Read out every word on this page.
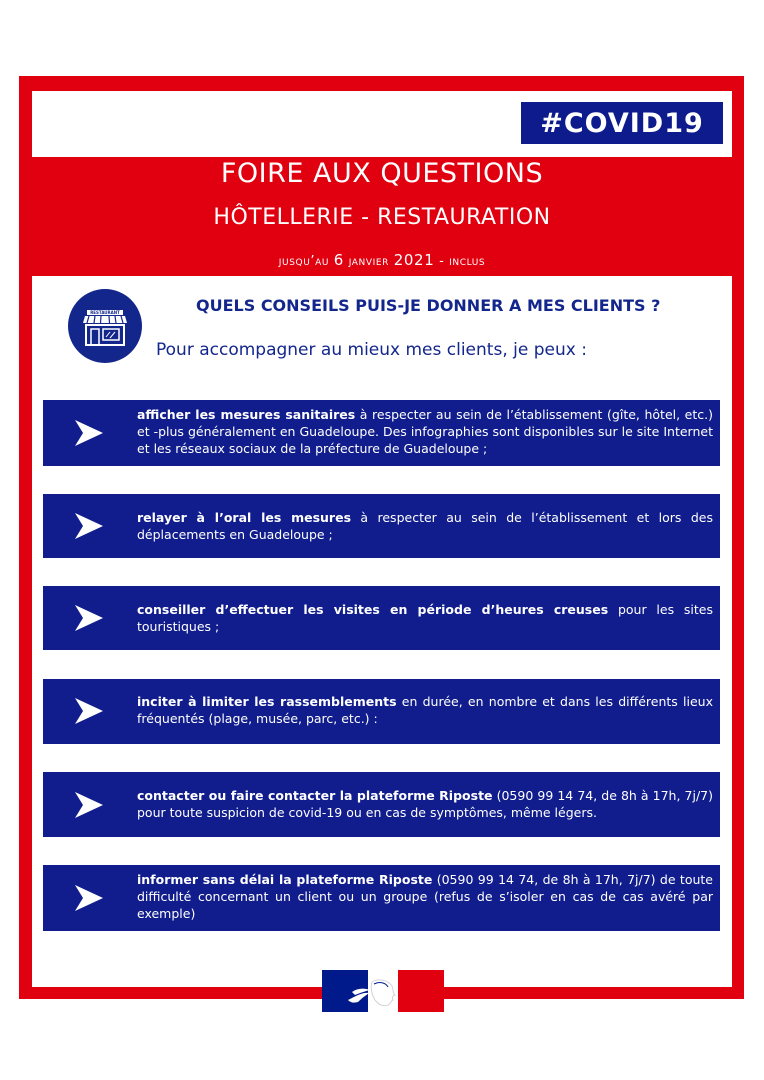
#COVID19
FOIRE AUX QUESTIONS
HÔTELLERIE - RESTAURATION
jusqu’au 6 janvier 2021 - inclus
RESTAURANT	QUELS CONSEILS PUIS-JE DONNER A MES CLIENTS ?
Pour accompagner au mieux mes clients, je peux :
afficher les mesures sanitaires à respecter au sein de l’établissement (gîte, hôtel, etc.) et ‑plus généralement en Guadeloupe. Des infographies sont disponibles sur le site Internet et les réseaux sociaux de la préfecture de Guadeloupe ;
relayer à l’oral les mesures à respecter au sein de l’établissement et lors des déplacements en Guadeloupe ;
conseiller d’effectuer les visites en période d’heures creuses pour les sites touristiques ;
inciter à limiter les rassemblements en durée, en nombre et dans les différents lieux fréquentés (plage, musée, parc, etc.) :
contacter ou faire contacter la plateforme Riposte (0590 99 14 74, de 8h à 17h, 7j/7) pour toute suspicion de covid-19 ou en cas de symptômes, même légers.
informer sans délai la plateforme Riposte (0590 99 14 74, de 8h à 17h, 7j/7) de toute difficulté concernant un client ou un groupe (refus de s’isoler en cas de cas avéré par exemple)
